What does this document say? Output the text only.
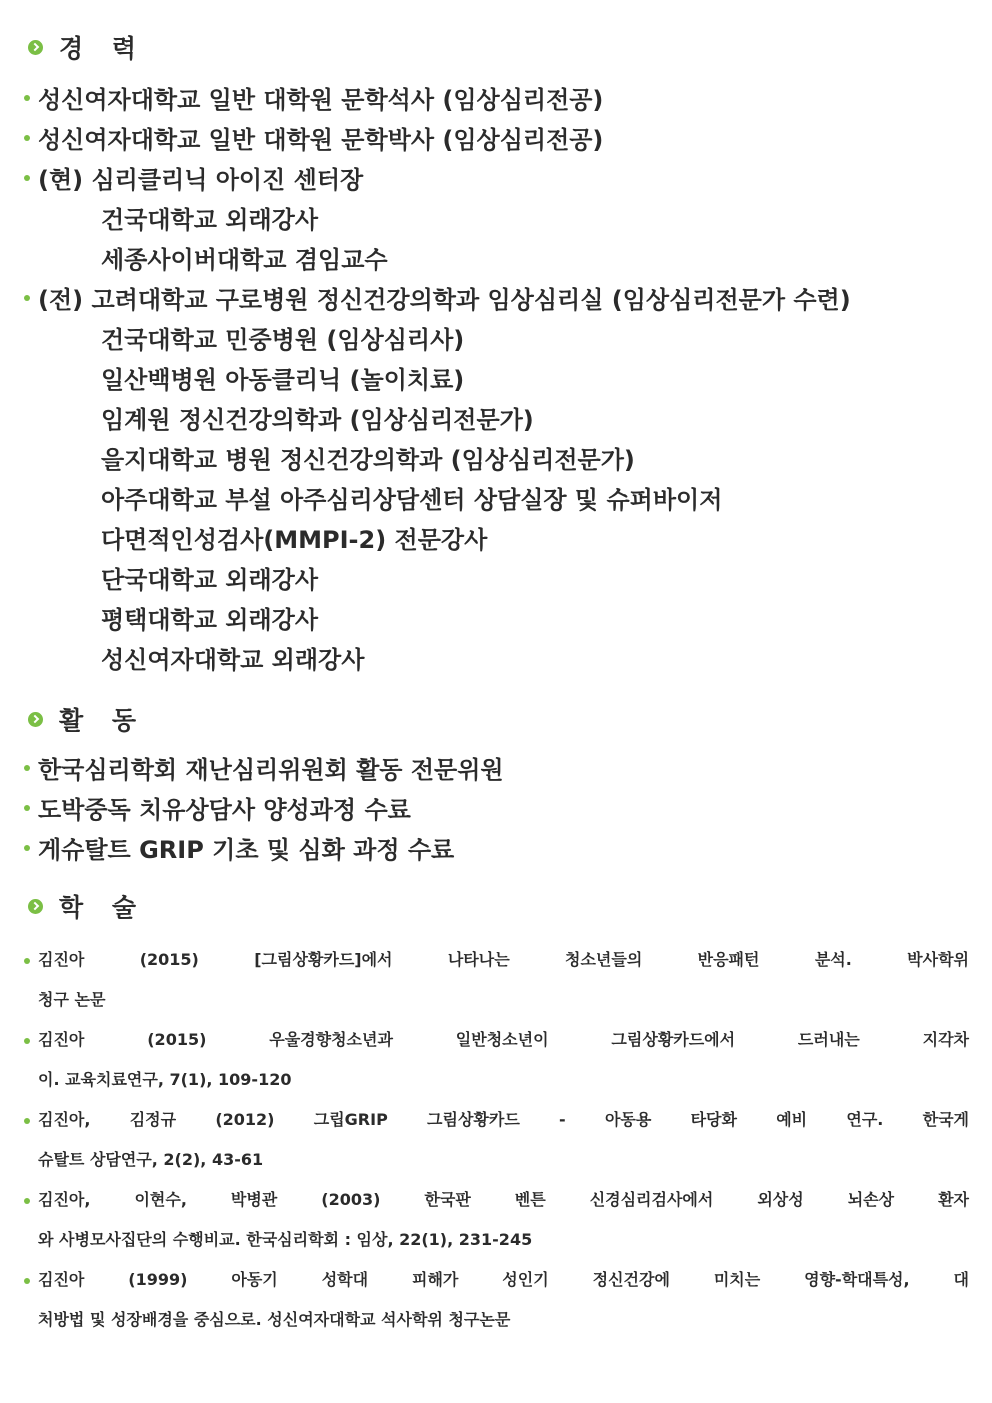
경 력
성신여자대학교 일반 대학원 문학석사 (임상심리전공)
성신여자대학교 일반 대학원 문학박사 (임상심리전공)
(현) 심리클리닉 아이진 센터장
건국대학교 외래강사
세종사이버대학교 겸임교수
(전) 고려대학교 구로병원 정신건강의학과 임상심리실 (임상심리전문가 수련)
건국대학교 민중병원 (임상심리사)
일산백병원 아동클리닉 (놀이치료)
임계원 정신건강의학과 (임상심리전문가)
을지대학교 병원 정신건강의학과 (임상심리전문가)
아주대학교 부설 아주심리상담센터 상담실장 및 슈퍼바이저
다면적인성검사(MMPI-2) 전문강사
단국대학교 외래강사
평택대학교 외래강사
성신여자대학교 외래강사
활 동
한국심리학회 재난심리위원회 활동 전문위원
도박중독 치유상담사 양성과정 수료
게슈탈트 GRIP 기초 및 심화 과정 수료
학 술
김진아 (2015) [그림상황카드]에서 나타나는 청소년들의 반응패턴 분석. 박사학위
청구 논문
김진아 (2015) 우울경향청소년과 일반청소년이 그림상황카드에서 드러내는 지각차
이. 교육치료연구, 7(1), 109-120
김진아, 김정규 (2012) 그립GRIP 그림상황카드 - 아동용 타당화 예비 연구. 한국게
슈탈트 상담연구, 2(2), 43-61
김진아, 이현수, 박병관 (2003) 한국판 벤튼 신경심리검사에서 외상성 뇌손상 환자
와 사병모사집단의 수행비교. 한국심리학회 : 임상, 22(1), 231-245
김진아 (1999) 아동기 성학대 피해가 성인기 정신건강에 미치는 영향-학대특성, 대
처방법 및 성장배경을 중심으로. 성신여자대학교 석사학위 청구논문
